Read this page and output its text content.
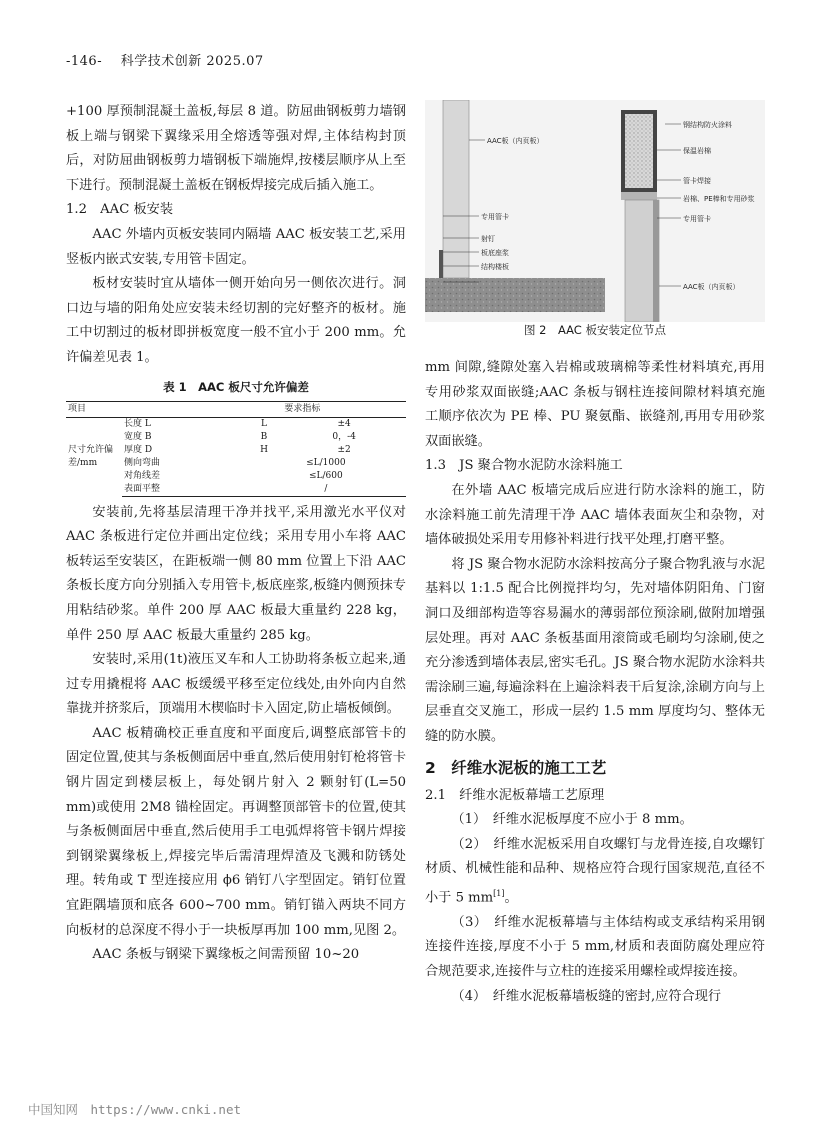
-146- 科学技术创新 2025.07

+100 厚预制混凝土盖板,每层 8 道。防屈曲钢板剪力墙钢板上端与钢梁下翼缘采用全熔透等强对焊,主体结构封顶后，对防屈曲钢板剪力墙钢板下端施焊,按楼层顺序从上至下进行。预制混凝土盖板在钢板焊接完成后插入施工。

1.2　AAC 板安装

AAC 外墙内页板安装同内隔墙 AAC 板安装工艺,采用竖板内嵌式安装,专用管卡固定。

板材安装时宜从墙体一侧开始向另一侧依次进行。洞口边与墙的阳角处应安装未经切割的完好整齐的板材。施工中切割过的板材即拼板宽度一般不宜小于 200 mm。允许偏差见表 1。

表 1　AAC 板尺寸允许偏差
项目			要求指标
尺寸允许偏差/mm	长度 L	L	±4
	宽度 B	B	0，-4
	厚度 D	H	±2
	侧向弯曲	≤L/1000	
	对角线差	≤L/600	
	表面平整	/	

安装前,先将基层清理干净并找平,采用激光水平仪对 AAC 条板进行定位并画出定位线；采用专用小车将 AAC 板转运至安装区，在距板端一侧 80 mm 位置上下沿 AAC 条板长度方向分别插入专用管卡,板底座浆,板缝内侧预抹专用粘结砂浆。单件 200 厚 AAC 板最大重量约 228 kg，单件 250 厚 AAC 板最大重量约 285 kg。

安装时,采用(1t)液压叉车和人工协助将条板立起来,通过专用撬棍将 AAC 板缓缓平移至定位线处,由外向内自然靠拢并挤浆后，顶端用木楔临时卡入固定,防止墙板倾倒。

AAC 板精确校正垂直度和平面度后,调整底部管卡的固定位置,使其与条板侧面居中垂直,然后使用射钉枪将管卡钢片固定到楼层板上，每处钢片射入 2 颗射钉(L=50 mm)或使用 2M8 锚栓固定。再调整顶部管卡的位置,使其与条板侧面居中垂直,然后使用手工电弧焊将管卡钢片焊接到钢梁翼缘板上,焊接完毕后需清理焊渣及飞溅和防锈处理。转角或 T 型连接应用 ϕ6 销钉八字型固定。销钉位置宜距隅墙顶和底各 600~700 mm。销钉锚入两块不同方向板材的总深度不得小于一块板厚再加 100 mm,见图 2。

AAC 条板与钢梁下翼缘板之间需预留 10~20

AAC板（内页板）
钢结构防火涂料
保温岩棉
管卡焊接
岩棉、PE棒和专用砂浆
专用管卡
专用管卡
射钉
板底座浆
结构楼板
AAC板（内页板）
图 2　AAC 板安装定位节点

mm 间隙,缝隙处塞入岩棉或玻璃棉等柔性材料填充,再用专用砂浆双面嵌缝;AAC 条板与钢柱连接间隙材料填充施工顺序依次为 PE 棒、PU 聚氨酯、嵌缝剂,再用专用砂浆双面嵌缝。

1.3　JS 聚合物水泥防水涂料施工

在外墙 AAC 板墙完成后应进行防水涂料的施工，防水涂料施工前先清理干净 AAC 墙体表面灰尘和杂物，对墙体破损处采用专用修补料进行找平处理,打磨平整。

将 JS 聚合物水泥防水涂料按高分子聚合物乳液与水泥基料以 1:1.5 配合比例搅拌均匀，先对墙体阴阳角、门窗洞口及细部构造等容易漏水的薄弱部位预涂刷,做附加增强层处理。再对 AAC 条板基面用滚筒或毛刷均匀涂刷,使之充分渗透到墙体表层,密实毛孔。JS 聚合物水泥防水涂料共需涂刷三遍,每遍涂料在上遍涂料表干后复涂,涂刷方向与上层垂直交叉施工，形成一层约 1.5 mm 厚度均匀、整体无缝的防水膜。

2　纤维水泥板的施工工艺

2.1　纤维水泥板幕墙工艺原理

（1）　纤维水泥板厚度不应小于 8 mm。

（2）　纤维水泥板采用自攻螺钉与龙骨连接,自攻螺钉材质、机械性能和品种、规格应符合现行国家规范,直径不小于 5 mm[1]。

（3）　纤维水泥板幕墙与主体结构或支承结构采用钢连接件连接,厚度不小于 5 mm,材质和表面防腐处理应符合规范要求,连接件与立柱的连接采用螺栓或焊接连接。

（4）　纤维水泥板幕墙板缝的密封,应符合现行

中国知网　https://www.cnki.net
